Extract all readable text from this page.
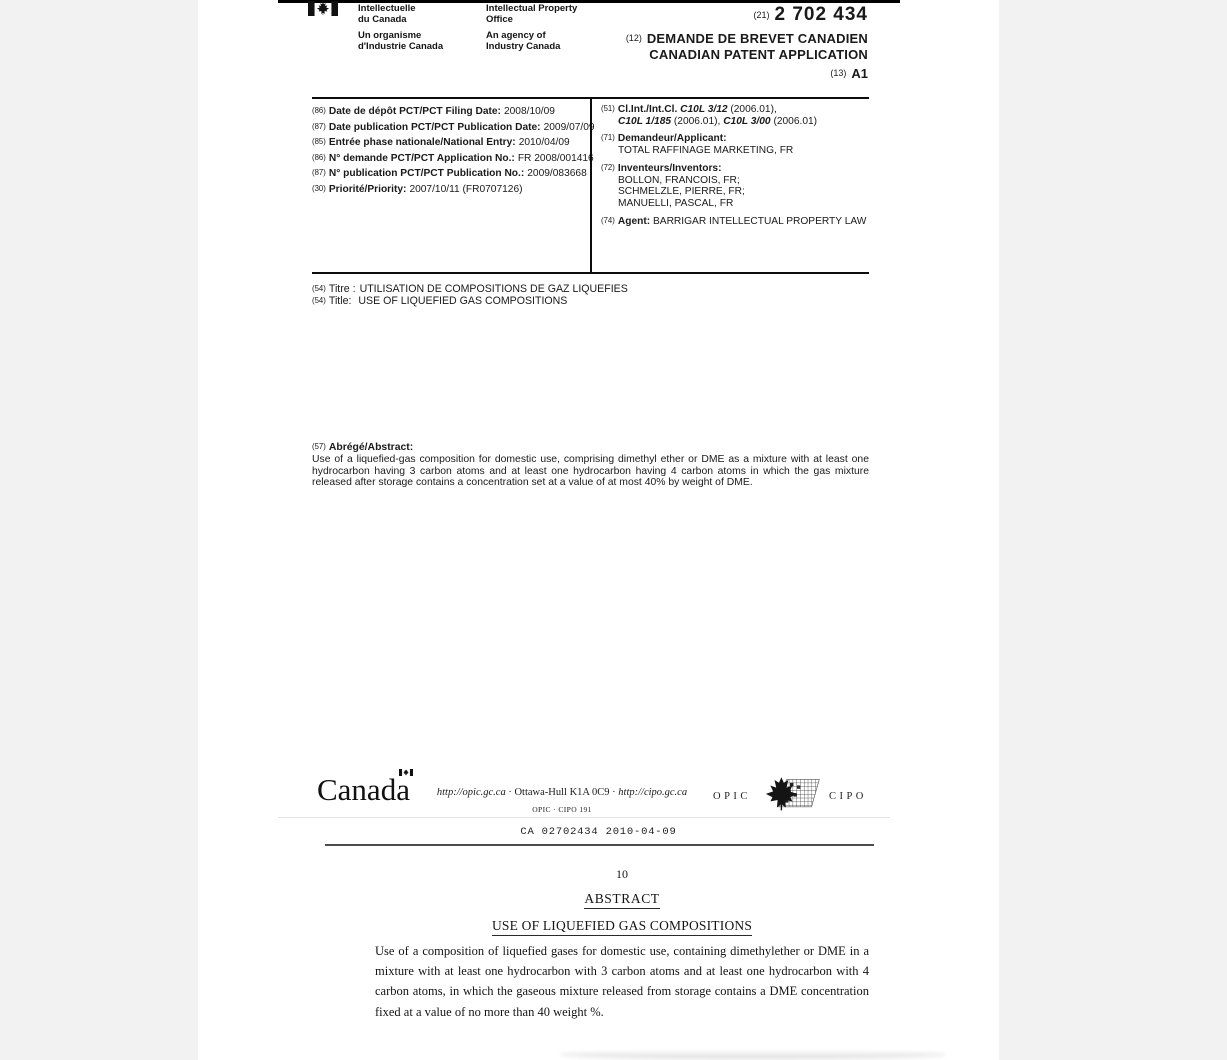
Intellectuelle
du Canada
Un organisme
d'Industrie Canada
Intellectual Property
Office
An agency of
Industry Canada
(21) 2 702 434
(12) DEMANDE DE BREVET CANADIEN
CANADIAN PATENT APPLICATION
(13) A1
(86) Date de dépôt PCT/PCT Filing Date: 2008/10/09
(87) Date publication PCT/PCT Publication Date: 2009/07/09
(85) Entrée phase nationale/National Entry: 2010/04/09
(86) N° demande PCT/PCT Application No.: FR 2008/001416
(87) N° publication PCT/PCT Publication No.: 2009/083668
(30) Priorité/Priority: 2007/10/11 (FR0707126)
(51) Cl.Int./Int.Cl. C10L 3/12 (2006.01),
C10L 1/185 (2006.01), C10L 3/00 (2006.01)
(71) Demandeur/Applicant:
TOTAL RAFFINAGE MARKETING, FR
(72) Inventeurs/Inventors:
BOLLON, FRANCOIS, FR;
SCHMELZLE, PIERRE, FR;
MANUELLI, PASCAL, FR
(74) Agent: BARRIGAR INTELLECTUAL PROPERTY LAW
(54) Titre : UTILISATION DE COMPOSITIONS DE GAZ LIQUEFIES
(54) Title: USE OF LIQUEFIED GAS COMPOSITIONS
(57) Abrégé/Abstract:

Use of a liquefied-gas composition for domestic use, comprising dimethyl ether or DME as a mixture with at least one hydrocarbon having 3 carbon atoms and at least one hydrocarbon having 4 carbon atoms in which the gas mixture released after storage contains a concentration set at a value of at most 40% by weight of DME.

Canada	http://opic.gc.ca · Ottawa-Hull K1A 0C9 · http://cipo.gc.ca
OPIC · CIPO 191
OPIC	CIPO
CA 02702434 2010-04-09
10
ABSTRACT
USE OF LIQUEFIED GAS COMPOSITIONS
Use of a composition of liquefied gases for domestic use, containing dimethylether or DME in a mixture with at least one hydrocarbon with 3 carbon atoms and at least one hydrocarbon with 4 carbon atoms, in which the gaseous mixture released from storage contains a DME concentration fixed at a value of no more than 40 weight %.
